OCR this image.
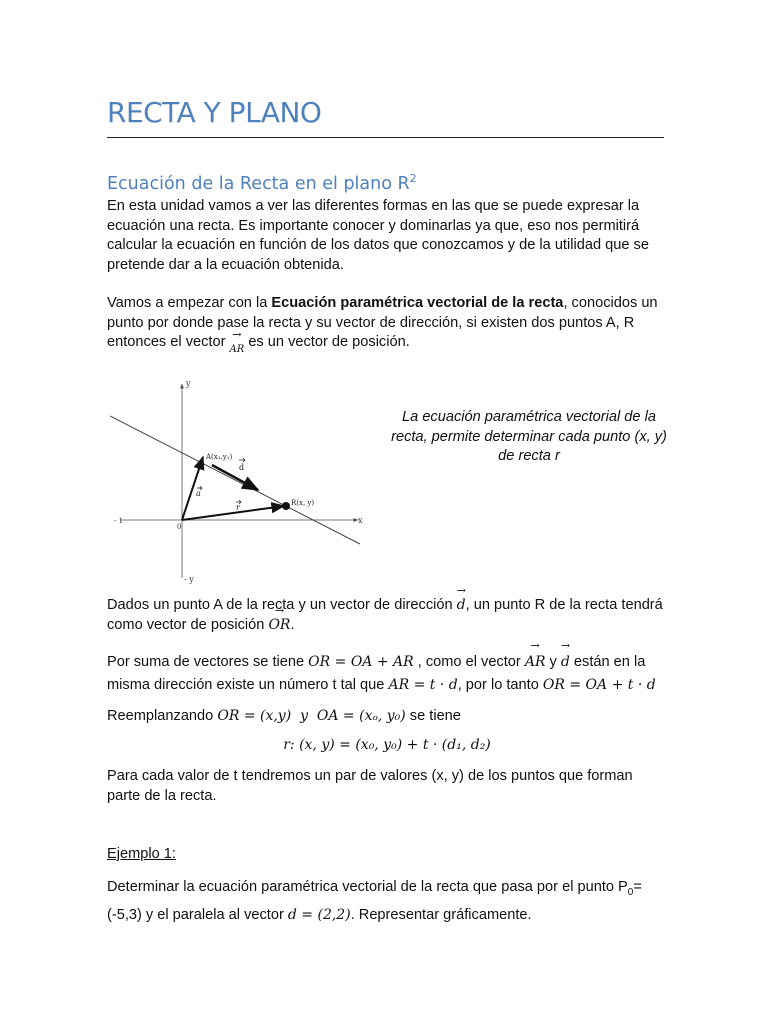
RECTA Y PLANO
Ecuación de la Recta en el plano $R^2$
En esta unidad vamos a ver las diferentes formas en las que se puede expresar la ecuación una recta. Es importante conocer y dominarlas ya que, eso nos permitirá calcular la ecuación en función de los datos que conozcamos y de la utilidad que se pretende dar a la ecuación obtenida.
Vamos a empezar con la Ecuación paramétrica vectorial de la recta, conocidos un punto por donde pase la recta y su vector de dirección, si existen dos puntos A, R entonces el vector → AR es un vector de posición.
y
- y
x
- 1
0
A(x₁,y₁)
d
a
r	R(x, y)
La ecuación paramétrica vectorial de la recta, permite determinar cada punto (x, y) de recta r
Dados un punto A de la recta y un vector de dirección → d, un punto R de la recta tendrá como vector de posición → OR.
Por suma de vectores se tiene OR = OA + AR , como el vector → AR y → d están en la misma dirección existe un número t tal que AR = t · d, por lo tanto OR = OA + t · d
Reemplanzando OR = (x,y)  y  OA = (xₒ, y₀) se tiene
r: (x, y) = (x₀, y₀) + t · (d₁, d₂)
Para cada valor de t tendremos un par de valores (x, y) de los puntos que forman parte de la recta.
Ejemplo 1:
Determinar la ecuación paramétrica vectorial de la recta que pasa por el punto $P_0= (-5,3)$ y el paralela al vector d = (2,2). Representar gráficamente.
